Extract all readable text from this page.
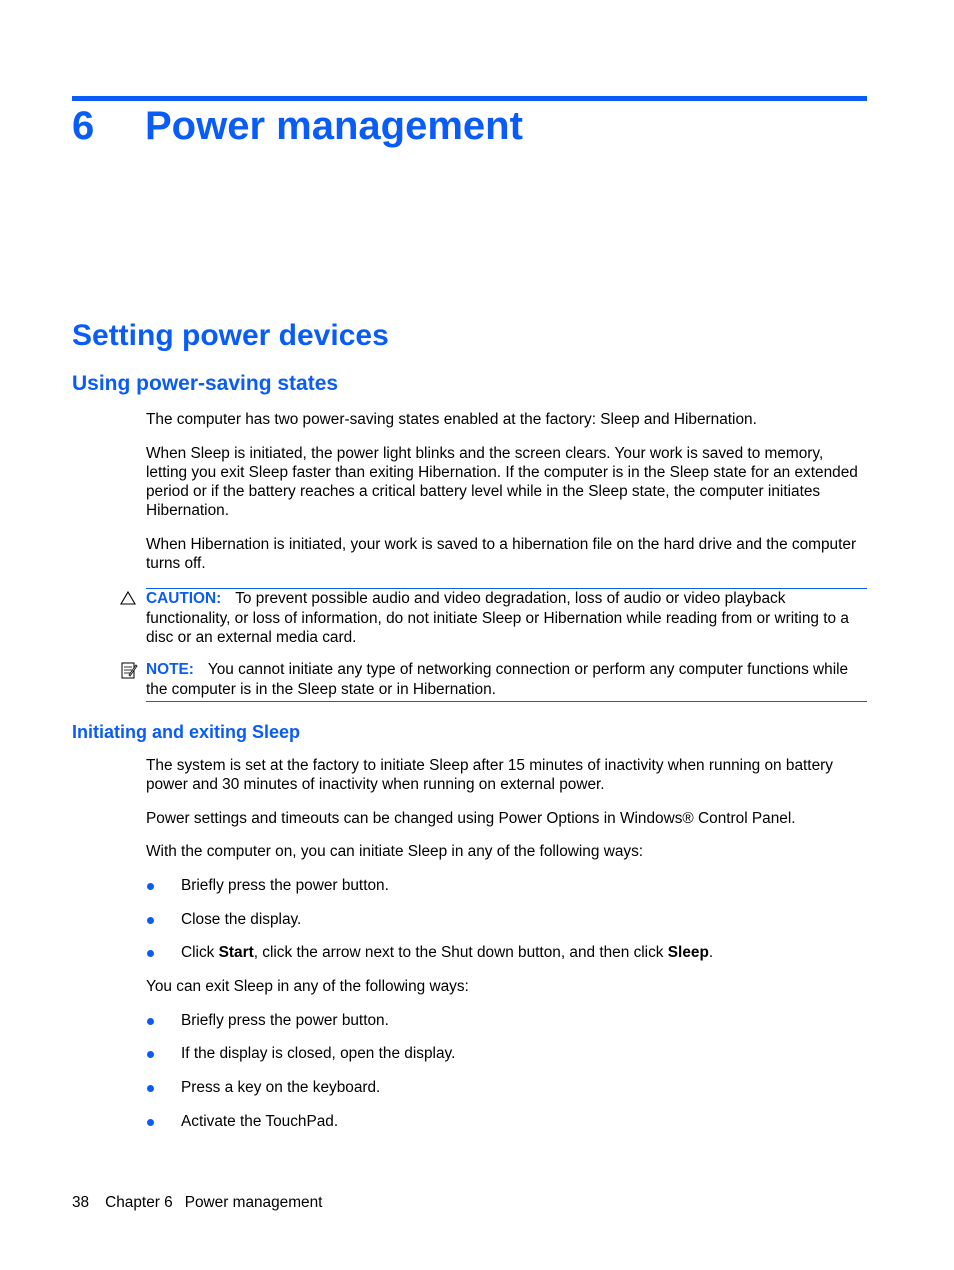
6 Power management
Setting power devices
Using power-saving states
The computer has two power-saving states enabled at the factory: Sleep and Hibernation.
When Sleep is initiated, the power light blinks and the screen clears. Your work is saved to memory, letting you exit Sleep faster than exiting Hibernation. If the computer is in the Sleep state for an extended period or if the battery reaches a critical battery level while in the Sleep state, the computer initiates Hibernation.
When Hibernation is initiated, your work is saved to a hibernation file on the hard drive and the computer turns off.
CAUTION: To prevent possible audio and video degradation, loss of audio or video playback functionality, or loss of information, do not initiate Sleep or Hibernation while reading from or writing to a disc or an external media card.
NOTE: You cannot initiate any type of networking connection or perform any computer functions while the computer is in the Sleep state or in Hibernation.
Initiating and exiting Sleep
The system is set at the factory to initiate Sleep after 15 minutes of inactivity when running on battery power and 30 minutes of inactivity when running on external power.
Power settings and timeouts can be changed using Power Options in Windows® Control Panel.
With the computer on, you can initiate Sleep in any of the following ways:
Briefly press the power button.
Close the display.
Click Start, click the arrow next to the Shut down button, and then click Sleep.
You can exit Sleep in any of the following ways:
Briefly press the power button.
If the display is closed, open the display.
Press a key on the keyboard.
Activate the TouchPad.
38 Chapter 6 Power management
